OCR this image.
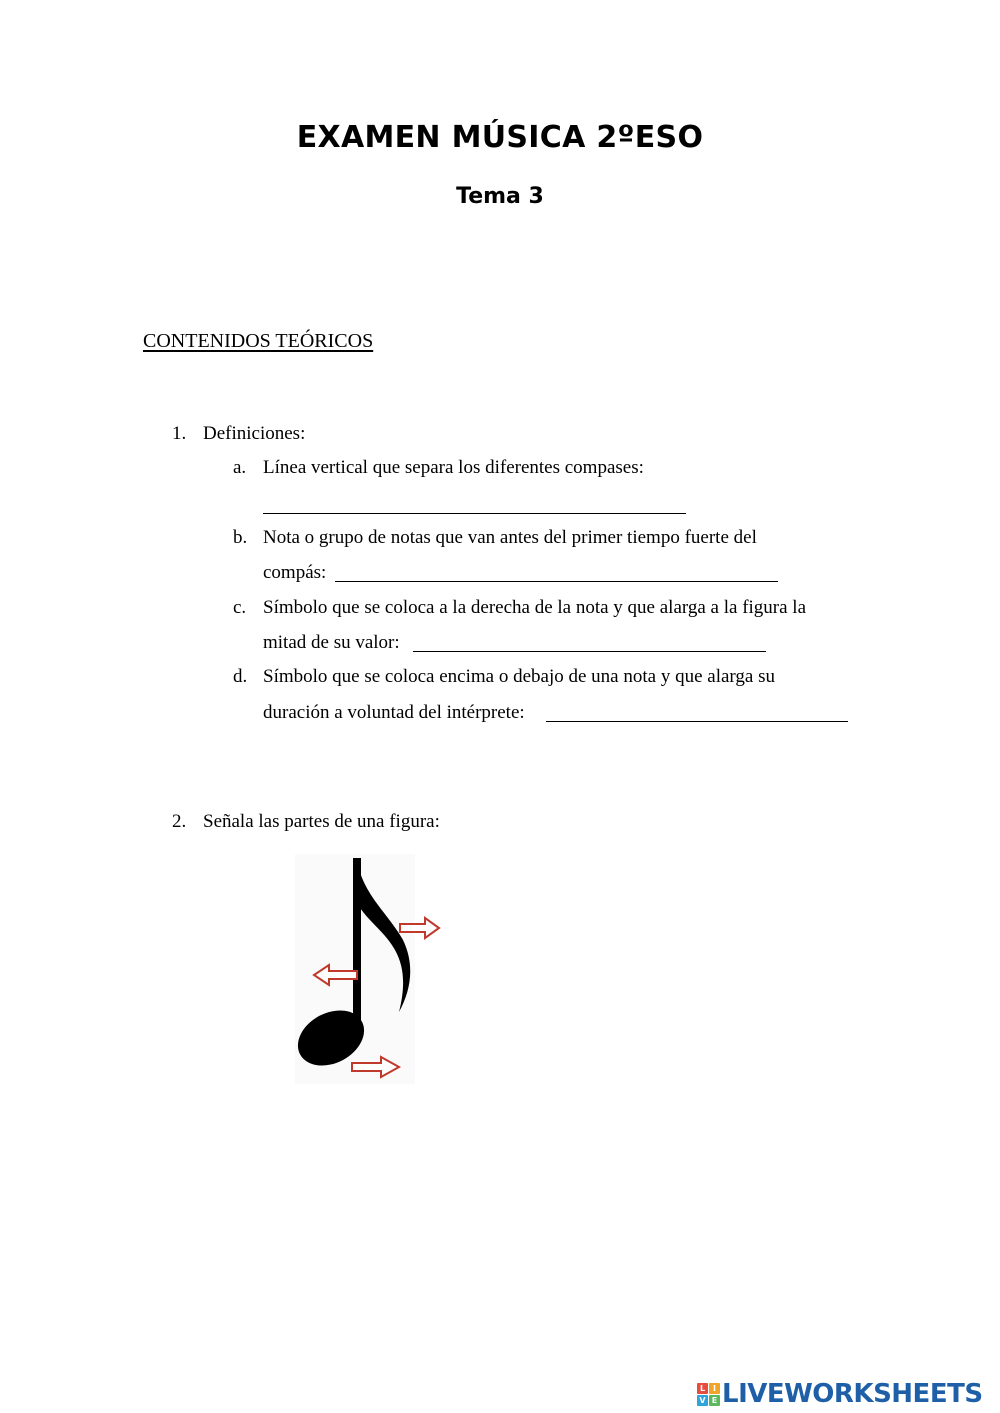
EXAMEN MÚSICA 2ºESO
Tema 3
CONTENIDOS TEÓRICOS
1. Definiciones:
a. Línea vertical que separa los diferentes compases:
b. Nota o grupo de notas que van antes del primer tiempo fuerte del
compás:
c. Símbolo que se coloca a la derecha de la nota y que alarga a la figura la
mitad de su valor:
d. Símbolo que se coloca encima o debajo de una nota y que alarga su
duración a voluntad del intérprete:
2. Señala las partes de una figura:
L I
V E LIVEWORKSHEETS
